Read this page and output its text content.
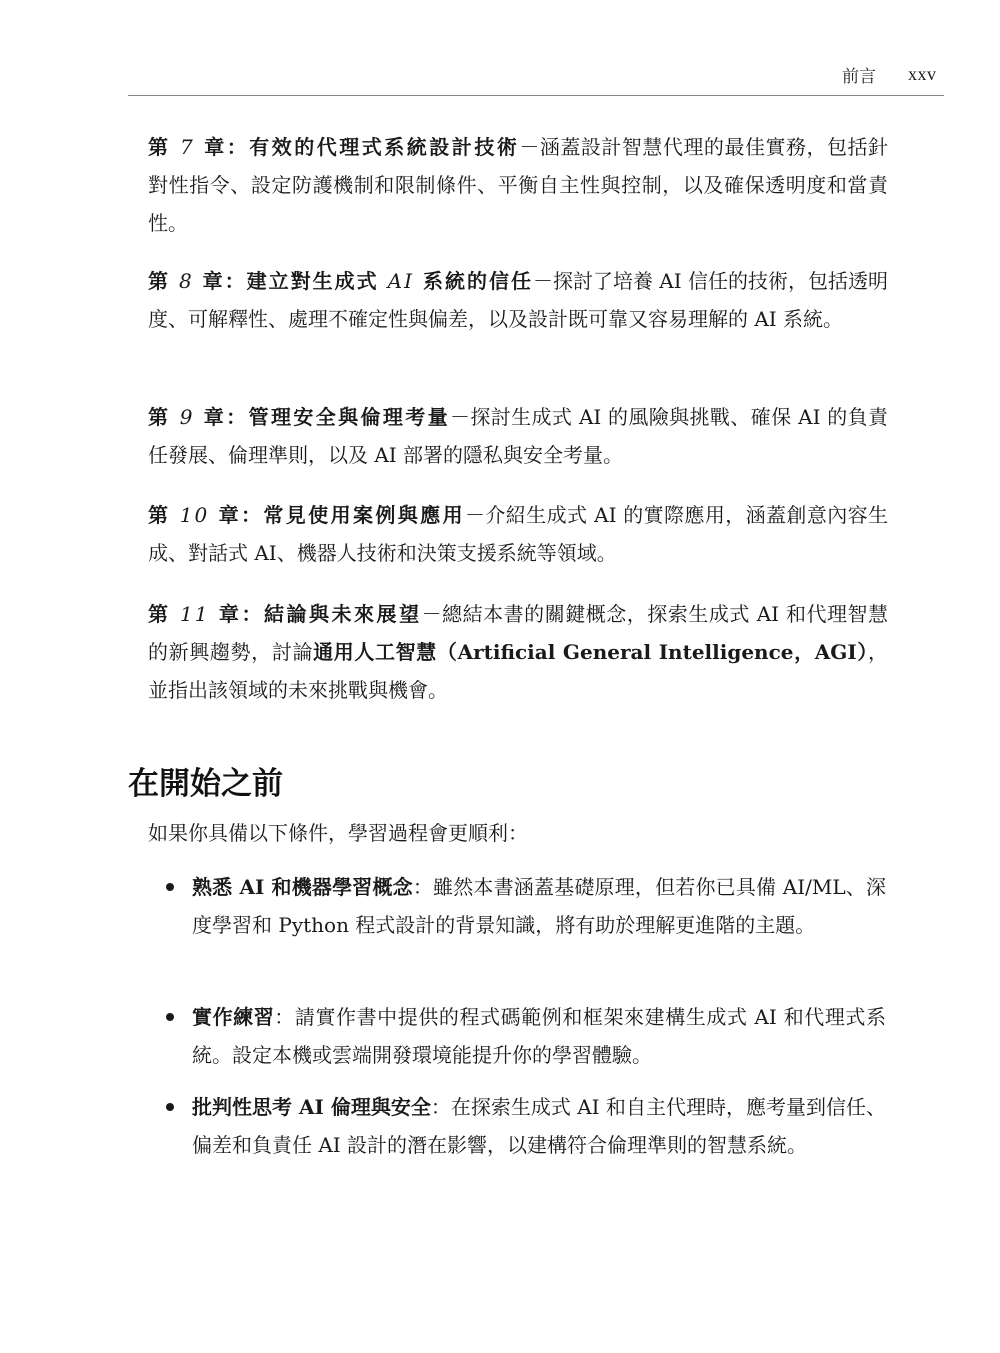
前言 xxv

第 7 章：有效的代理式系統設計技術－涵蓋設計智慧代理的最佳實務，包括針對性指令、設定防護機制和限制條件、平衡自主性與控制，以及確保透明度和當責性。

第 8 章：建立對生成式 AI 系統的信任－探討了培養 AI 信任的技術，包括透明度、可解釋性、處理不確定性與偏差，以及設計既可靠又容易理解的 AI 系統。

第 9 章：管理安全與倫理考量－探討生成式 AI 的風險與挑戰、確保 AI 的負責任發展、倫理準則，以及 AI 部署的隱私與安全考量。

第 10 章：常見使用案例與應用－介紹生成式 AI 的實際應用，涵蓋創意內容生成、對話式 AI、機器人技術和決策支援系統等領域。

第 11 章：結論與未來展望－總結本書的關鍵概念，探索生成式 AI 和代理智慧的新興趨勢，討論通用人工智慧（Artificial General Intelligence，AGI），並指出該領域的未來挑戰與機會。

在開始之前

如果你具備以下條件，學習過程會更順利：

熟悉 AI 和機器學習概念：雖然本書涵蓋基礎原理，但若你已具備 AI/ML、深度學習和 Python 程式設計的背景知識，將有助於理解更進階的主題。
實作練習：請實作書中提供的程式碼範例和框架來建構生成式 AI 和代理式系統。設定本機或雲端開發環境能提升你的學習體驗。
批判性思考 AI 倫理與安全：在探索生成式 AI 和自主代理時，應考量到信任、偏差和負責任 AI 設計的潛在影響，以建構符合倫理準則的智慧系統。
